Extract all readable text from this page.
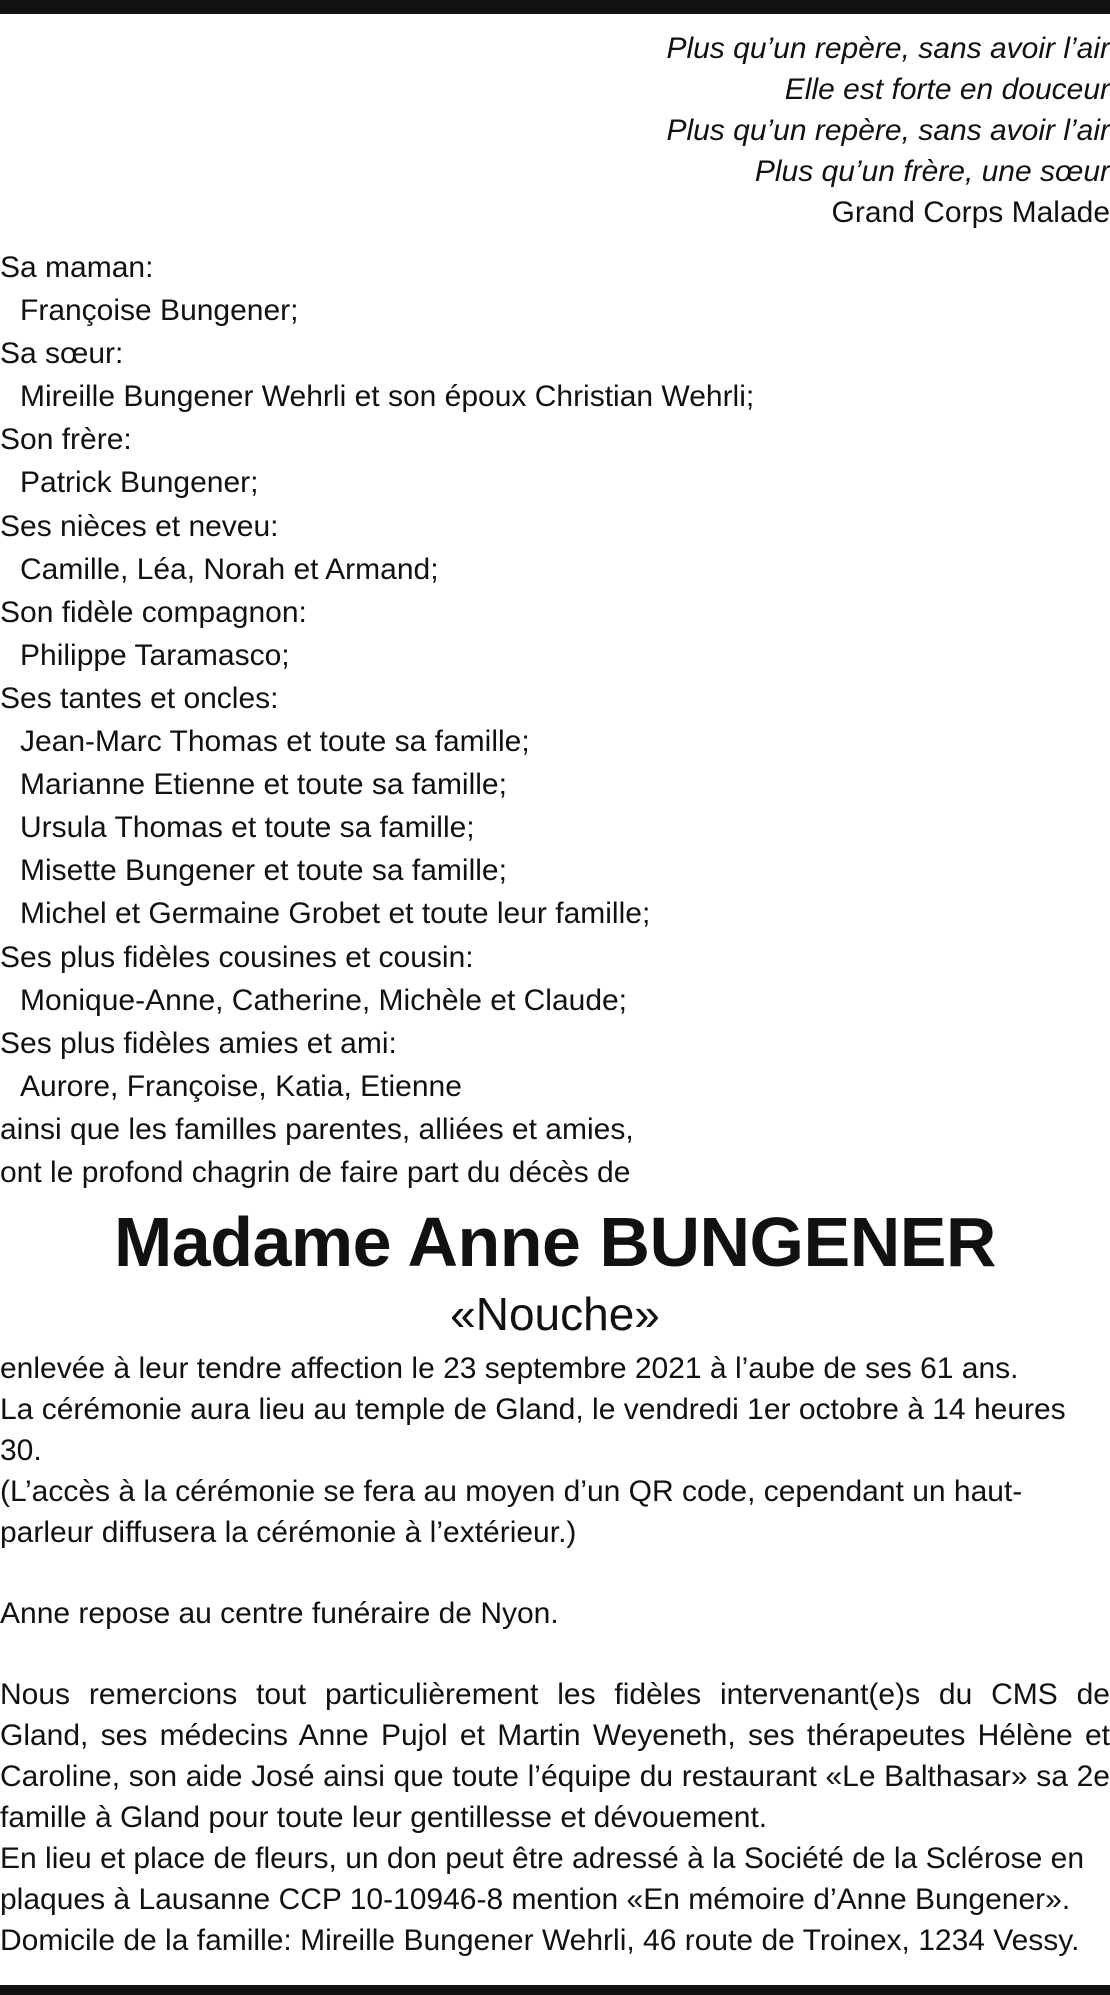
Plus qu’un repère, sans avoir l’air
Elle est forte en douceur
Plus qu’un repère, sans avoir l’air
Plus qu’un frère, une sœur
Grand Corps Malade
Sa maman:
Françoise Bungener;
Sa sœur:
Mireille Bungener Wehrli et son époux Christian Wehrli;
Son frère:
Patrick Bungener;
Ses nièces et neveu:
Camille, Léa, Norah et Armand;
Son fidèle compagnon:
Philippe Taramasco;
Ses tantes et oncles:
Jean-Marc Thomas et toute sa famille;
Marianne Etienne et toute sa famille;
Ursula Thomas et toute sa famille;
Misette Bungener et toute sa famille;
Michel et Germaine Grobet et toute leur famille;
Ses plus fidèles cousines et cousin:
Monique-Anne, Catherine, Michèle et Claude;
Ses plus fidèles amies et ami:
Aurore, Françoise, Katia, Etienne
ainsi que les familles parentes, alliées et amies,
ont le profond chagrin de faire part du décès de
Madame Anne BUNGENER
«Nouche»

enlevée à leur tendre affection le 23 septembre 2021 à l’aube de ses 61 ans.

La cérémonie aura lieu au temple de Gland, le vendredi 1er octobre à 14 heures 30.

(L’accès à la cérémonie se fera au moyen d’un QR code, cependant un haut-parleur diffusera la cérémonie à l’extérieur.)

Anne repose au centre funéraire de Nyon.

Nous remercions tout particulièrement les fidèles intervenant(e)s du CMS de Gland, ses médecins Anne Pujol et Martin Weyeneth, ses thérapeutes Hélène et Caroline, son aide José ainsi que toute l’équipe du restaurant «Le Balthasar» sa 2e famille à Gland pour toute leur gentillesse et dévouement.

En lieu et place de fleurs, un don peut être adressé à la Société de la Sclérose en plaques à Lausanne CCP 10-10946-8 mention «En mémoire d’Anne Bungener».

Domicile de la famille: Mireille Bungener Wehrli, 46 route de Troinex, 1234 Vessy.
